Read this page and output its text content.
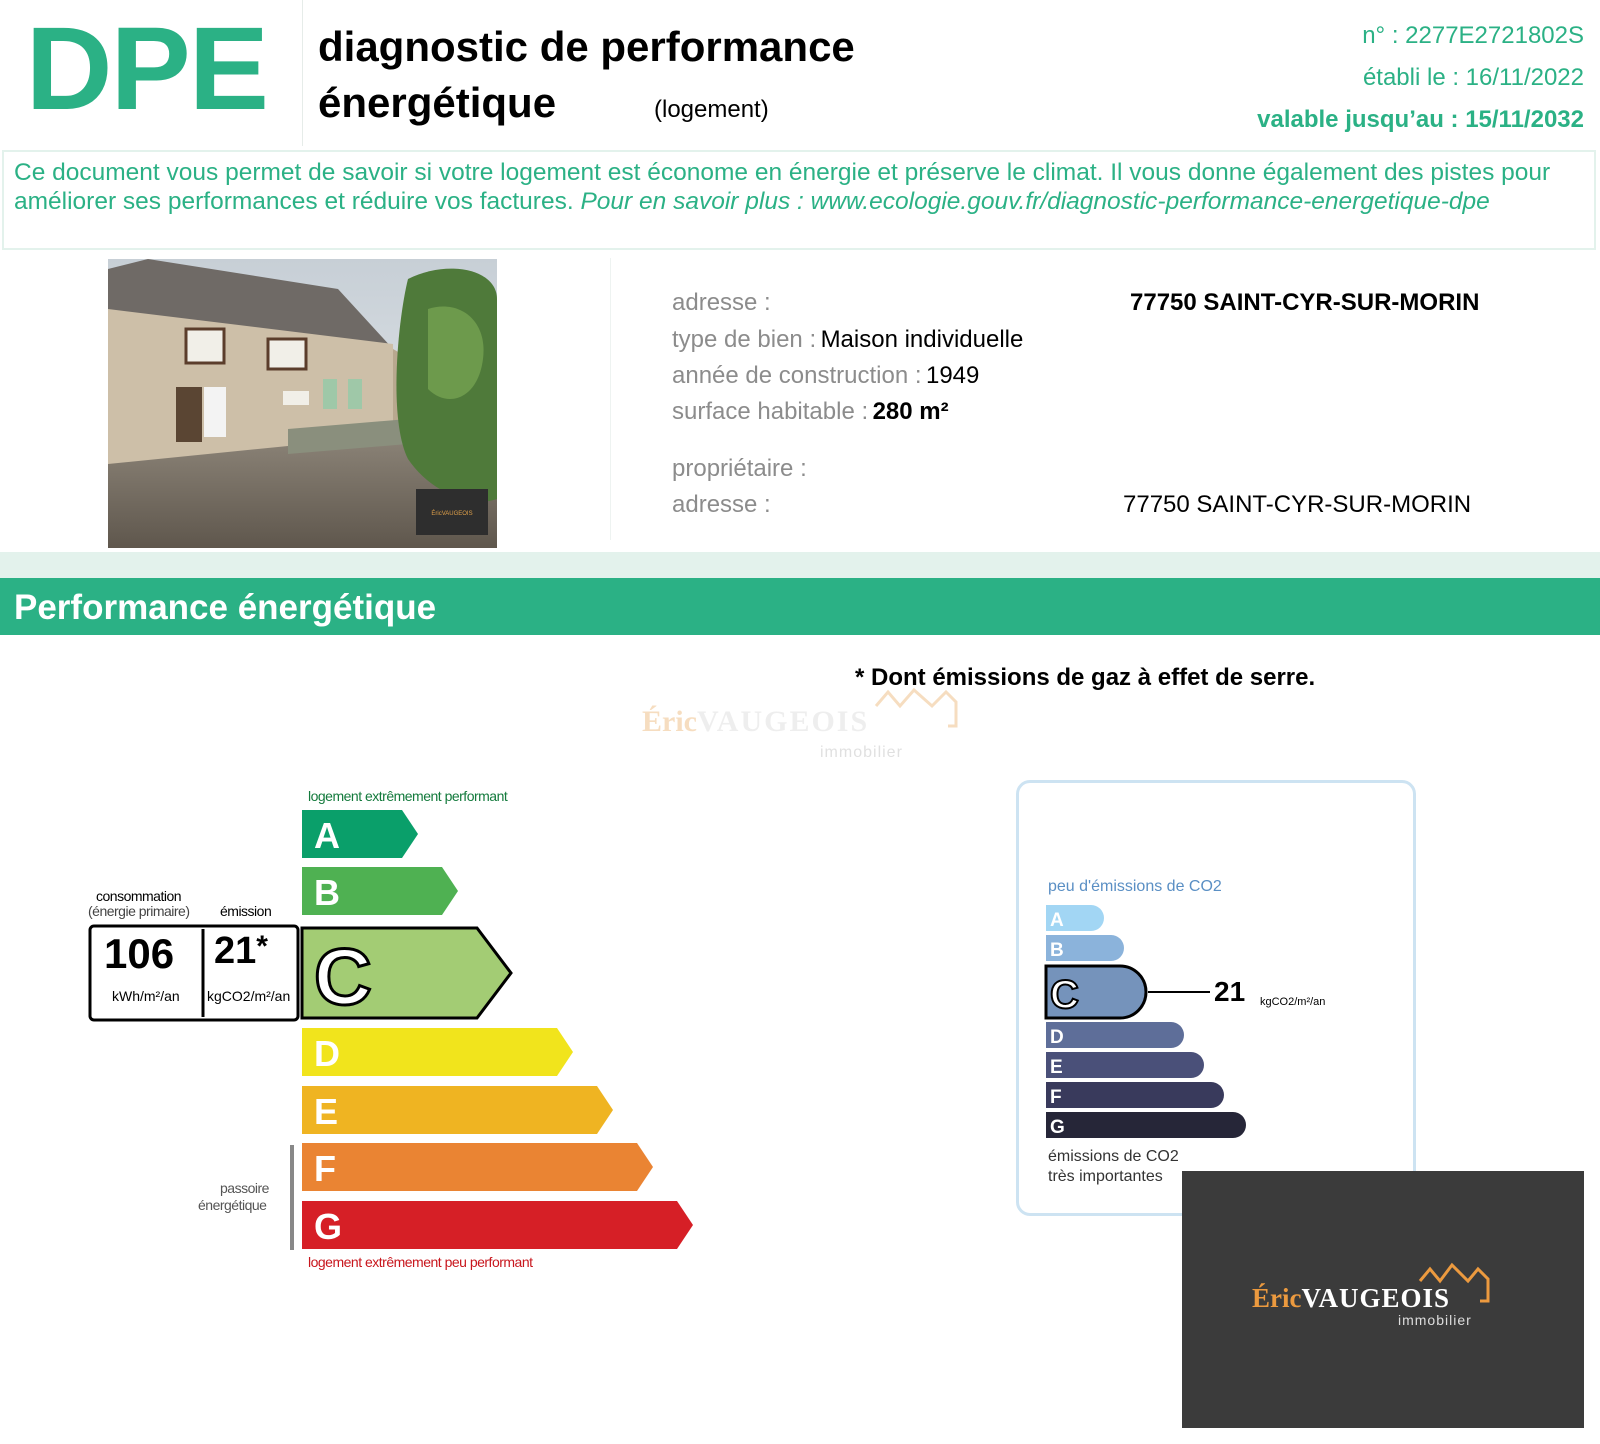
DPE diagnostic de performance
énergétique	(logement)
n° : 2277E2721802S
établi le : 16/11/2022
valable jusqu’au : 15/11/2032

Ce document vous permet de savoir si votre logement est économe en énergie et préserve le climat. Il vous donne également des pistes pour améliorer ses performances et réduire vos factures. Pour en savoir plus : www.ecologie.gouv.fr/diagnostic-performance-energetique-dpe

ÉricVAUGEOIS
adresse :	77750 SAINT-CYR-SUR-MORIN
type de bien : Maison individuelle
année de construction : 1949
surface habitable : 280 m²
propriétaire :
adresse :	77750 SAINT-CYR-SUR-MORIN
Performance énergétique
* Dont émissions de gaz à effet de serre.
ÉricVAUGEOIS
immobilier
logement extrêmement performant
logement extrêmement peu performant
consommation
(énergie primaire) émission
A
B
C
D
E
F
G
106
kWh/m²/an
21*
kgCO2/m²/an
passoire
énergétique
peu d'émissions de CO2
A
B
C
D
E
F
G
21 kgCO2/m²/an
émissions de CO2
très importantes
ÉricVAUGEOIS
immobilier
